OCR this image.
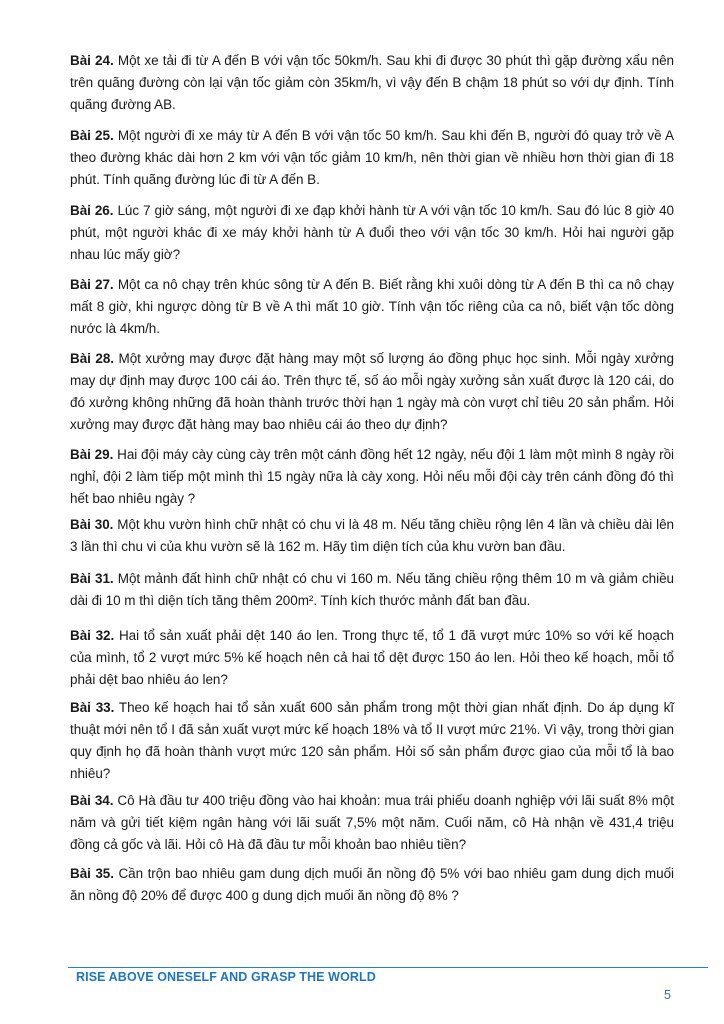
Bài 24. Một xe tải đi từ A đến B với vận tốc 50km/h. Sau khi đi được 30 phút thì gặp đường xấu nên trên quãng đường còn lại vận tốc giảm còn 35km/h, vì vậy đến B chậm 18 phút so với dự định. Tính quãng đường AB.
Bài 25. Một người đi xe máy từ A đến B với vận tốc 50 km/h. Sau khi đến B, người đó quay trở về A theo đường khác dài hơn 2 km với vận tốc giảm 10 km/h, nên thời gian về nhiều hơn thời gian đi 18 phút. Tính quãng đường lúc đi từ A đến B.
Bài 26. Lúc 7 giờ sáng, một người đi xe đạp khởi hành từ A với vận tốc 10 km/h. Sau đó lúc 8 giờ 40 phút, một người khác đi xe máy khởi hành từ A đuổi theo với vận tốc 30 km/h. Hỏi hai người gặp nhau lúc mấy giờ?
Bài 27. Một ca nô chạy trên khúc sông từ A đến B. Biết rằng khi xuôi dòng từ A đến B thì ca nô chạy mất 8 giờ, khi ngược dòng từ B về A thì mất 10 giờ. Tính vận tốc riêng của ca nô, biết vận tốc dòng nước là 4km/h.
Bài 28. Một xưởng may được đặt hàng may một số lượng áo đồng phục học sinh. Mỗi ngày xưởng may dự định may được 100 cái áo. Trên thực tế, số áo mỗi ngày xưởng sản xuất được là 120 cái, do đó xưởng không những đã hoàn thành trước thời hạn 1 ngày mà còn vượt chỉ tiêu 20 sản phẩm. Hỏi xưởng may được đặt hàng may bao nhiêu cái áo theo dự định?
Bài 29. Hai đội máy cày cùng cày trên một cánh đồng hết 12 ngày, nếu đội 1 làm một mình 8 ngày rồi nghỉ, đội 2 làm tiếp một mình thì 15 ngày nữa là cày xong. Hỏi nếu mỗi đội cày trên cánh đồng đó thì hết bao nhiêu ngày ?
Bài 30. Một khu vườn hình chữ nhật có chu vi là 48 m. Nếu tăng chiều rộng lên 4 lần và chiều dài lên 3 lần thì chu vi của khu vườn sẽ là 162 m. Hãy tìm diện tích của khu vườn ban đầu.
Bài 31. Một mảnh đất hình chữ nhật có chu vi 160 m. Nếu tăng chiều rộng thêm 10 m và giảm chiều dài đi 10 m thì diện tích tăng thêm 200m². Tính kích thước mảnh đất ban đầu.
Bài 32. Hai tổ sản xuất phải dệt 140 áo len. Trong thực tế, tổ 1 đã vượt mức 10% so với kế hoạch của mình, tổ 2 vượt mức 5% kế hoạch nên cả hai tổ dệt được 150 áo len. Hỏi theo kế hoạch, mỗi tổ phải dệt bao nhiêu áo len?
Bài 33. Theo kế hoạch hai tổ sản xuất 600 sản phẩm trong một thời gian nhất định. Do áp dụng kĩ thuật mới nên tổ I đã sản xuất vượt mức kế hoạch 18% và tổ II vượt mức 21%. Vì vậy, trong thời gian quy định họ đã hoàn thành vượt mức 120 sản phẩm. Hỏi số sản phẩm được giao của mỗi tổ là bao nhiêu?
Bài 34. Cô Hà đầu tư 400 triệu đồng vào hai khoản: mua trái phiếu doanh nghiệp với lãi suất 8% một năm và gửi tiết kiệm ngân hàng với lãi suất 7,5% một năm. Cuối năm, cô Hà nhận về 431,4 triệu đồng cả gốc và lãi. Hỏi cô Hà đã đầu tư mỗi khoản bao nhiêu tiền?
Bài 35. Cần trộn bao nhiêu gam dung dịch muối ăn nồng độ 5% với bao nhiêu gam dung dịch muối ăn nồng độ 20% để được 400 g dung dịch muối ăn nồng độ 8% ?
RISE ABOVE ONESELF AND GRASP THE WORLD
5
